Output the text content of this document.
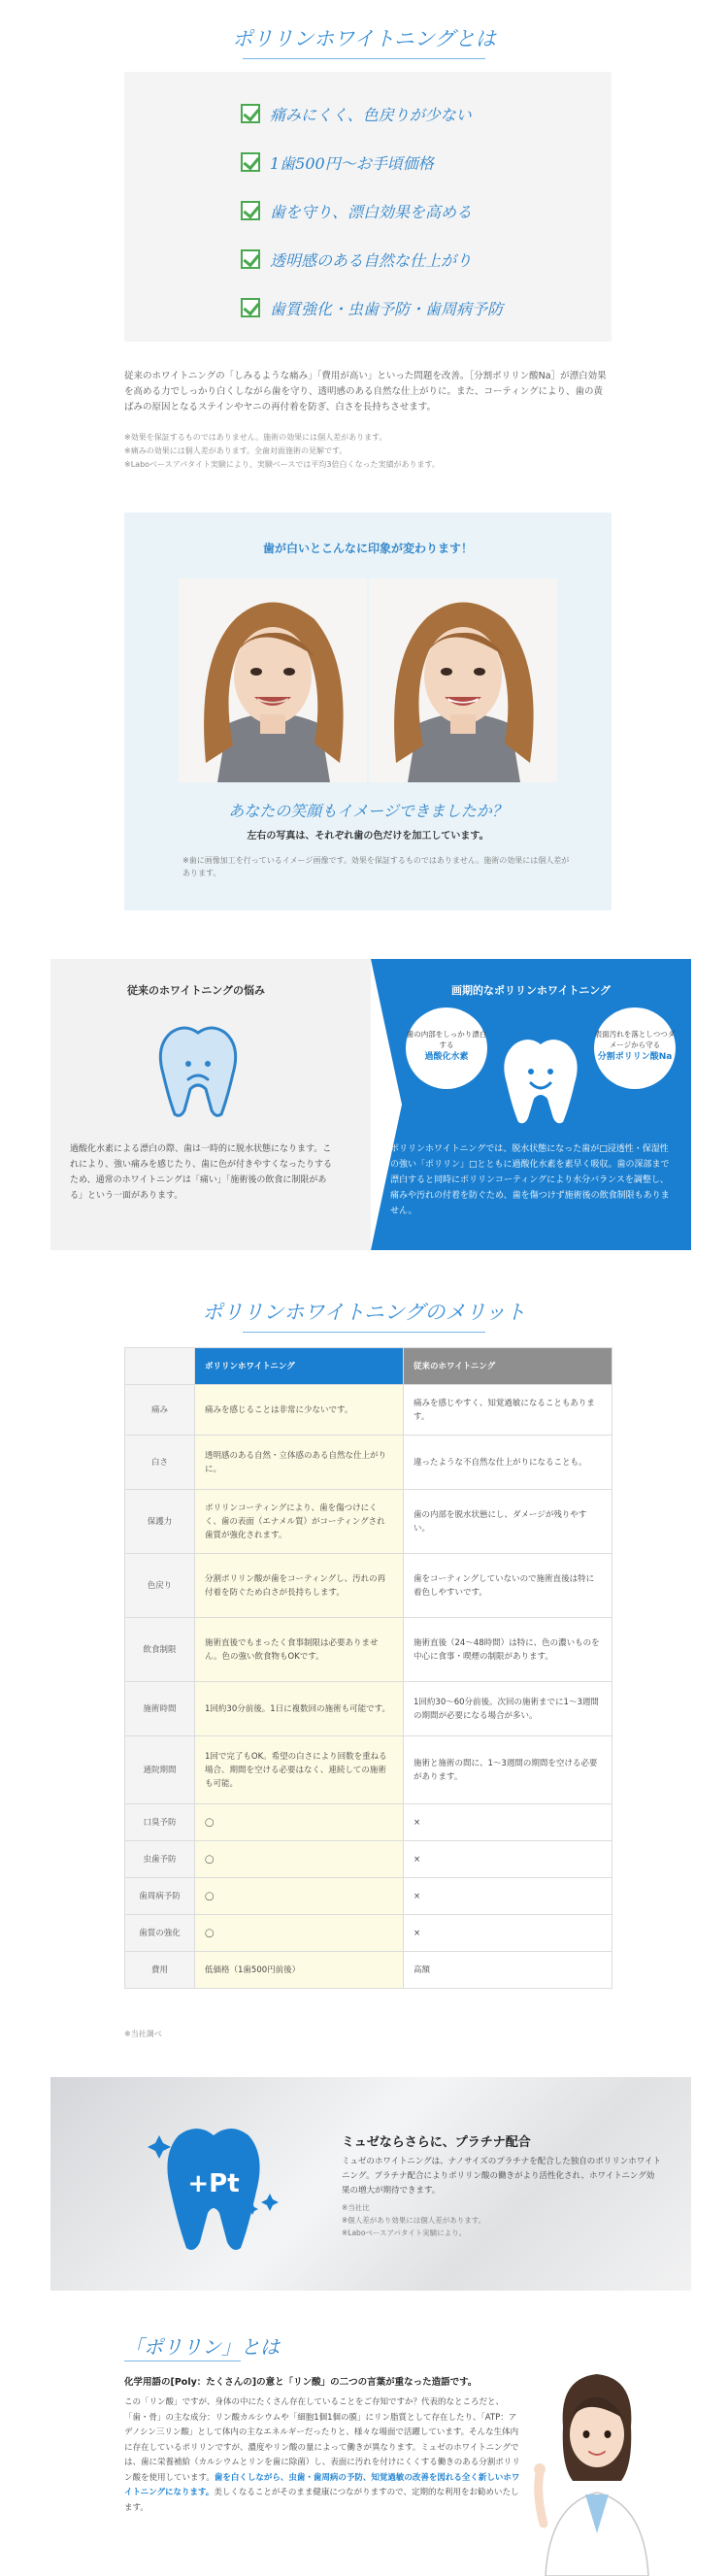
ポリリンホワイトニングとは
痛みにくく、色戻りが少ない
1歯500円〜お手頃価格
歯を守り、漂白効果を高める
透明感のある自然な仕上がり
歯質強化・虫歯予防・歯周病予防

従来のホワイトニングの「しみるような痛み」「費用が高い」といった問題を改善。［分割ポリリン酸Na］が漂白効果を高める力でしっかり白くしながら歯を守り、透明感のある自然な仕上がりに。また、コーティングにより、歯の黄ばみの原因となるステインやヤニの再付着を防ぎ、白さを長持ちさせます。

※効果を保証するものではありません。施術の効果には個人差があります。
※痛みの効果には個人差があります。全歯対面施術の見解です。
※Laboベースアパタイト実験により、実験ベースでは平均3倍白くなった実績があります。
歯が白いとこんなに印象が変わります！
あなたの笑顔もイメージできましたか？
左右の写真は、それぞれ歯の色だけを加工しています。

※歯に画像加工を行っているイメージ画像です。効果を保証するものではありません。施術の効果には個人差があります。

従来のホワイトニングの悩み	画期的なポリリンホワイトニング
歯の内部をしっかり漂白する
過酸化水素
表面汚れを落としつつダメージから守る
分割ポリリン酸Na

過酸化水素による漂白の際、歯は一時的に脱水状態になります。これにより、強い痛みを感じたり、歯に色が付きやすくなったりするため、通常のホワイトニングは「痛い」「施術後の飲食に制限がある」という一面があります。

ポリリンホワイトニングでは、脱水状態になった歯が□浸透性・保湿性の強い「ポリリン」□とともに過酸化水素を素早く吸収。歯の深部まで漂白すると同時にポリリンコーティングにより水分バランスを調整し、痛みや汚れの付着を防ぐため、歯を傷つけず施術後の飲食制限もありません。

ポリリンホワイトニングのメリット
	ポリリンホワイトニング	従来のホワイトニング
痛み	痛みを感じることは非常に少ないです。	痛みを感じやすく、知覚過敏になることもあります。
白さ	透明感のある自然・立体感のある自然な仕上がりに。	違ったような不自然な仕上がりになることも。
保護力	ポリリンコーティングにより、歯を傷つけにくく、歯の表面（エナメル質）がコーティングされ歯質が強化されます。	歯の内部を脱水状態にし、ダメージが残りやすい。
色戻り	分割ポリリン酸が歯をコーティングし、汚れの再付着を防ぐため白さが長持ちします。	歯をコーティングしていないので施術直後は特に着色しやすいです。
飲食制限	施術直後でもまったく食事制限は必要ありません。色の強い飲食物もOKです。	施術直後（24〜48時間）は特に、色の濃いものを中心に食事・喫煙の制限があります。
施術時間	1回約30分前後。1日に複数回の施術も可能です。	1回約30〜60分前後。次回の施術までに1〜3週間の期間が必要になる場合が多い。
通院期間	1回で完了もOK。希望の白さにより回数を重ねる場合、期間を空ける必要はなく、連続しての施術も可能。	施術と施術の間に、1〜3週間の期間を空ける必要があります。
口臭予防	◯	×
虫歯予防	◯	×
歯周病予防	◯	×
歯質の強化	◯	×
費用	低価格（1歯500円前後）	高額
※当社調べ
+Pt
ミュゼならさらに、プラチナ配合

ミュゼのホワイトニングは、ナノサイズのプラチナを配合した独自のポリリンホワイトニング。プラチナ配合によりポリリン酸の働きがより活性化され、ホワイトニング効果の増大が期待できます。

※当社比
※個人差があり効果には個人差があります。
※Laboベースアパタイト実験により。
「ポリリン」とは
化学用語の[Poly：たくさんの]の意と「リン酸」の二つの言葉が重なった造語です。

この「リン酸」ですが、身体の中にたくさん存在していることをご存知ですか？代表的なところだと、「歯・骨」の主な成分：リン酸カルシウムや「細胞1個1個の膜」にリン脂質として存在したり、「ATP：アデノシン三リン酸」として体内の主なエネルギーだったりと、様々な場面で活躍しています。そんな生体内に存在しているポリリンですが、濃度やリン酸の量によって働きが異なります。ミュゼのホワイトニングでは、歯に栄養補給（カルシウムとリンを歯に除菌）し、表面に汚れを付けにくくする働きのある分割ポリリン酸を使用しています。歯を白くしながら、虫歯・歯周病の予防、知覚過敏の改善を図れる全く新しいホワイトニングになります。美しくなることがそのまま健康につながりますので、定期的な利用をお勧めいたします。
